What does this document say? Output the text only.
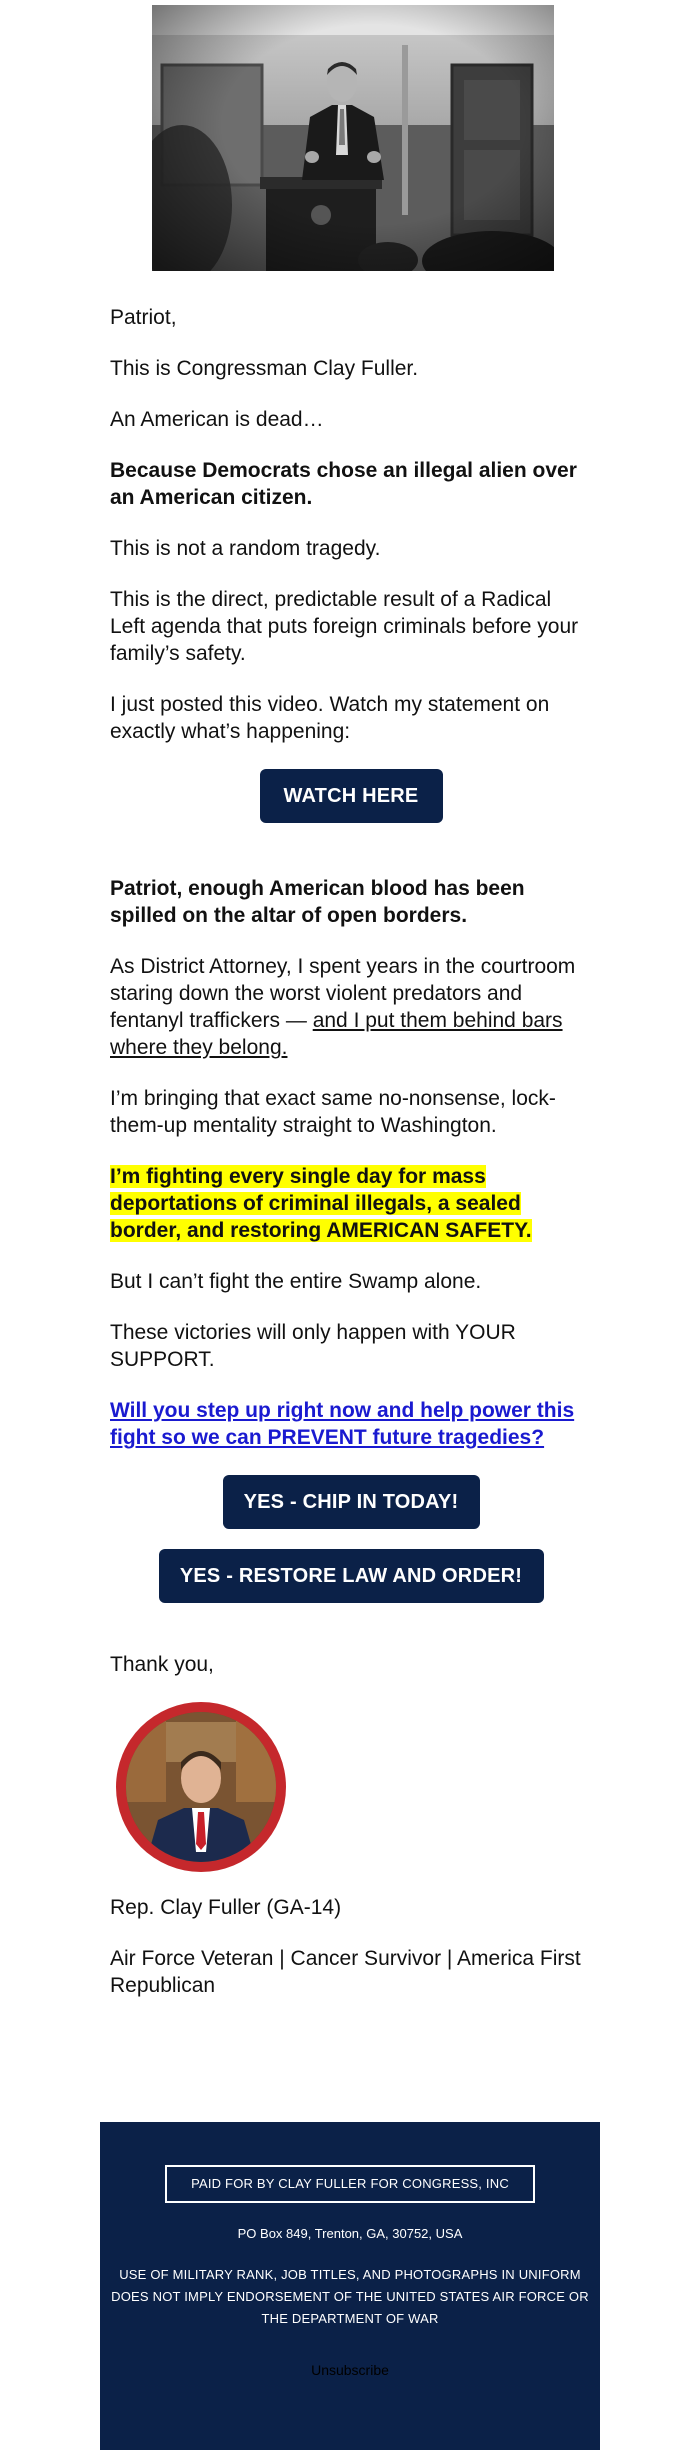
Patriot,

This is Congressman Clay Fuller.

An American is dead…

Because Democrats chose an illegal alien over an American citizen.

This is not a random tragedy.

This is the direct, predictable result of a Radical Left agenda that puts foreign criminals before your family’s safety.

I just posted this video. Watch my statement on exactly what’s happening:

WATCH HERE

Patriot, enough American blood has been spilled on the altar of open borders.

As District Attorney, I spent years in the courtroom staring down the worst violent predators and fentanyl traffickers — and I put them behind bars where they belong.

I’m bringing that exact same no-nonsense, lock-them-up mentality straight to Washington.

I’m fighting every single day for mass deportations of criminal illegals, a sealed border, and restoring AMERICAN SAFETY.

But I can’t fight the entire Swamp alone.

These victories will only happen with YOUR SUPPORT.

Will you step up right now and help power this fight so we can PREVENT future tragedies?

YES - CHIP IN TODAY!
YES - RESTORE LAW AND ORDER!

Thank you,

Rep. Clay Fuller (GA-14)

Air Force Veteran | Cancer Survivor | America First Republican

PAID FOR BY CLAY FULLER FOR CONGRESS, INC
PO Box 849, Trenton, GA, 30752, USA
USE OF MILITARY RANK, JOB TITLES, AND PHOTOGRAPHS IN UNIFORM DOES NOT IMPLY ENDORSEMENT OF THE UNITED STATES AIR FORCE OR THE DEPARTMENT OF WAR
Unsubscribe
